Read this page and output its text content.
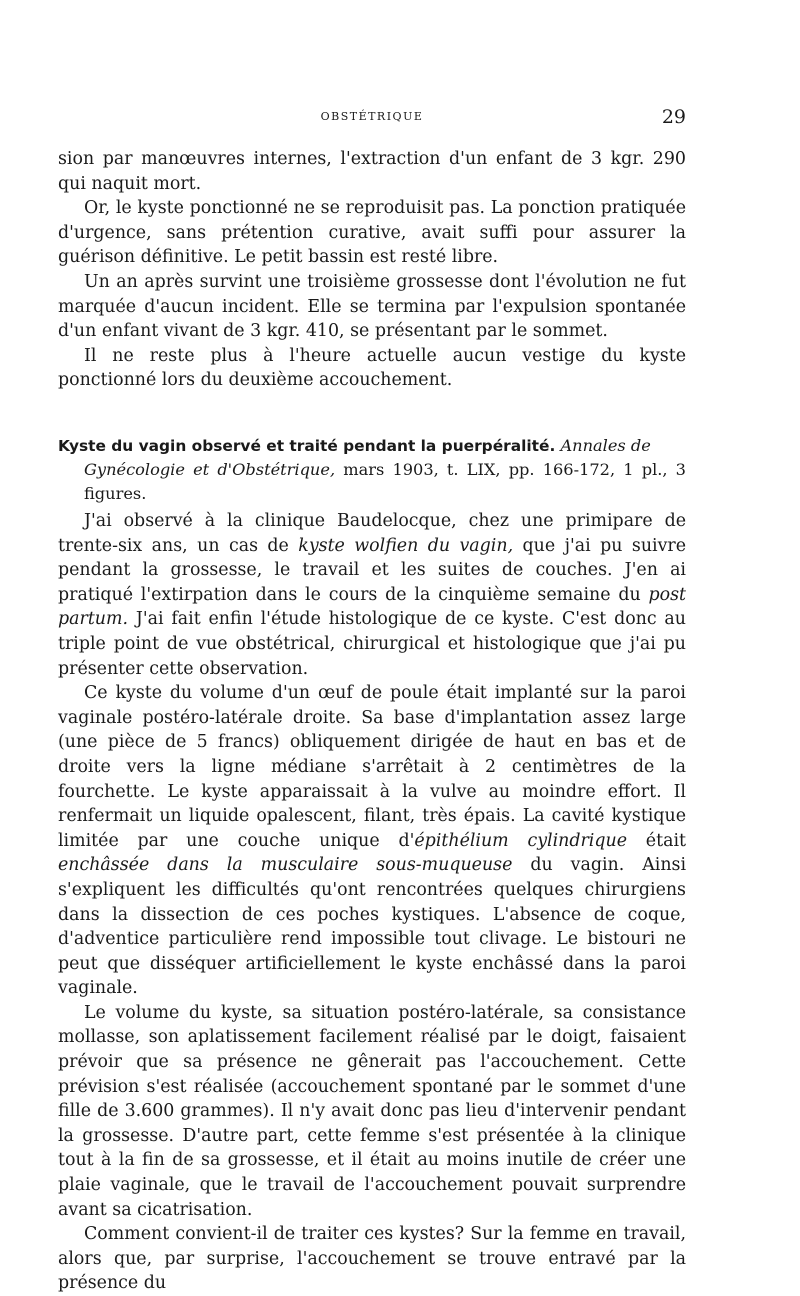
OBSTÉTRIQUE	29

sion par manœuvres internes, l'extraction d'un enfant de 3 kgr. 290 qui naquit mort.

Or, le kyste ponctionné ne se reproduisit pas. La ponction pratiquée d'urgence, sans prétention curative, avait suffi pour assurer la guérison définitive. Le petit bassin est resté libre.

Un an après survint une troisième grossesse dont l'évolution ne fut marquée d'aucun incident. Elle se termina par l'expulsion spontanée d'un enfant vivant de 3 kgr. 410, se présentant par le sommet.

Il ne reste plus à l'heure actuelle aucun vestige du kyste ponctionné lors du deuxième accouchement.

Kyste du vagin observé et traité pendant la puerpéralité. Annales de
Gynécologie et d'Obstétrique, mars 1903, t. LIX, pp. 166-172, 1 pl., 3 figures.

J'ai observé à la clinique Baudelocque, chez une primipare de trente-six ans, un cas de kyste wolfien du vagin, que j'ai pu suivre pendant la grossesse, le travail et les suites de couches. J'en ai pratiqué l'extirpation dans le cours de la cinquième semaine du post partum. J'ai fait enfin l'étude histologique de ce kyste. C'est donc au triple point de vue obstétrical, chirurgical et histologique que j'ai pu présenter cette observation.

Ce kyste du volume d'un œuf de poule était implanté sur la paroi vaginale postéro-latérale droite. Sa base d'implantation assez large (une pièce de 5 francs) obliquement dirigée de haut en bas et de droite vers la ligne médiane s'arrêtait à 2 centimètres de la fourchette. Le kyste apparaissait à la vulve au moindre effort. Il renfermait un liquide opalescent, filant, très épais. La cavité kystique limitée par une couche unique d'épithélium cylindrique était enchâssée dans la musculaire sous-muqueuse du vagin. Ainsi s'expliquent les difficultés qu'ont rencontrées quelques chirurgiens dans la dissection de ces poches kystiques. L'absence de coque, d'adventice particulière rend impossible tout clivage. Le bistouri ne peut que disséquer artificiellement le kyste enchâssé dans la paroi vaginale.

Le volume du kyste, sa situation postéro-latérale, sa consistance mollasse, son aplatissement facilement réalisé par le doigt, faisaient prévoir que sa présence ne gênerait pas l'accouchement. Cette prévision s'est réalisée (accouchement spontané par le sommet d'une fille de 3.600 grammes). Il n'y avait donc pas lieu d'intervenir pendant la grossesse. D'autre part, cette femme s'est présentée à la clinique tout à la fin de sa grossesse, et il était au moins inutile de créer une plaie vaginale, que le travail de l'accouchement pouvait surprendre avant sa cicatrisation.

Comment convient-il de traiter ces kystes? Sur la femme en travail, alors que, par surprise, l'accouchement se trouve entravé par la présence du
